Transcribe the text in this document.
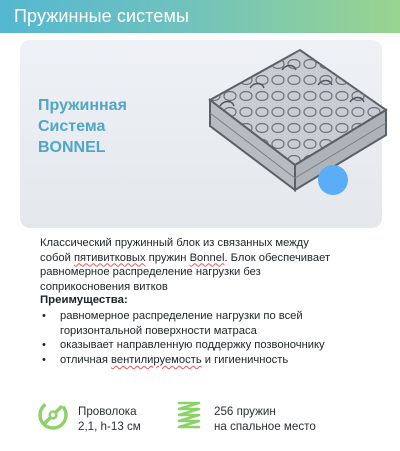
Пружинные системы
Пружинная
Система
BONNEL
Классический пружинный блок из связанных между
собой пятивитковых пружин Bonnel. Блок обеспечивает
равномерное распределение нагрузки без
соприкосновения витков
Преимущества:
• равномерное распределение нагрузки по всей
горизонтальной поверхности матраса
• оказывает направленную поддержку позвоночнику
• отличная вентилируемость и гигиеничность
Проволока
2,1, h-13 см
256 пружин
на спальное место
